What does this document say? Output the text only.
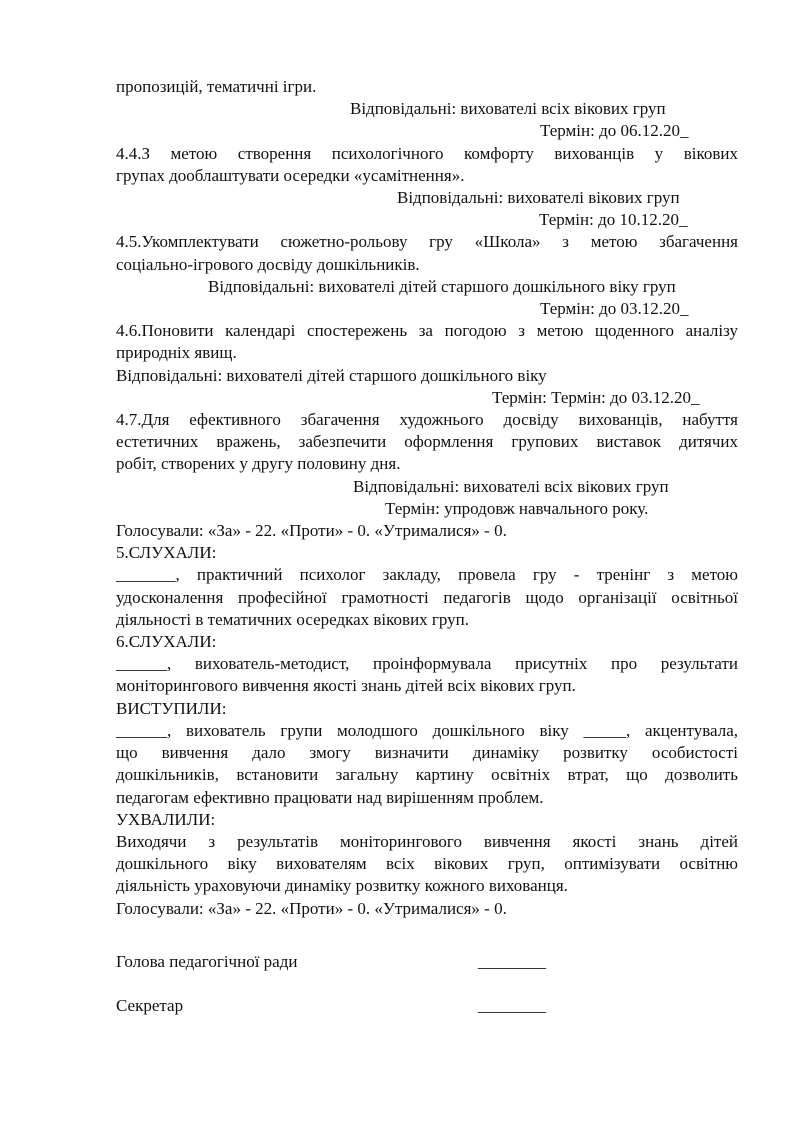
пропозицій, тематичні ігри.
Відповідальні: вихователі всіх вікових груп
Термін: до 06.12.20_
4.4.З метою створення психологічного комфорту вихованців у вікових
групах дооблаштувати осередки «усамітнення».
Відповідальні: вихователі вікових груп
Термін: до 10.12.20_
4.5.Укомплектувати сюжетно-рольову гру «Школа» з метою збагачення
соціально-ігрового досвіду дошкільників.
Відповідальні: вихователі дітей старшого дошкільного віку груп
Термін: до 03.12.20_
4.6.Поновити календарі спостережень за погодою з метою щоденного аналізу
природніх явищ.
Відповідальні: вихователі дітей старшого дошкільного віку
Термін: Термін: до 03.12.20_
4.7.Для ефективного збагачення художнього досвіду вихованців, набуття
естетичних вражень, забезпечити оформлення групових виставок дитячих
робіт, створених у другу половину дня.
Відповідальні: вихователі всіх вікових груп
Термін: упродовж навчального року.
Голосували: «За» - 22. «Проти» - 0. «Утрималися» - 0.
5.СЛУХАЛИ:
_______, практичний психолог закладу, провела гру - тренінг з метою
удосконалення професійної грамотності педагогів щодо організації освітньої
діяльності в тематичних осередках вікових груп.
6.СЛУХАЛИ:
______, вихователь-методист, проінформувала присутніх про результати
моніторингового вивчення якості знань дітей всіх вікових груп.
ВИСТУПИЛИ:
______, вихователь групи молодшого дошкільного віку _____, акцентувала,
що вивчення дало змогу визначити динаміку розвитку особистості
дошкільників, встановити загальну картину освітніх втрат, що дозволить
педагогам ефективно працювати над вирішенням проблем.
УХВАЛИЛИ:
Виходячи з результатів моніторингового вивчення якості знань дітей
дошкільного віку вихователям всіх вікових груп, оптимізувати освітню
діяльність ураховуючи динаміку розвитку кожного вихованця.
Голосували: «За» - 22. «Проти» - 0. «Утрималися» - 0.
Голова педагогічної ради	________
Секретар	________
